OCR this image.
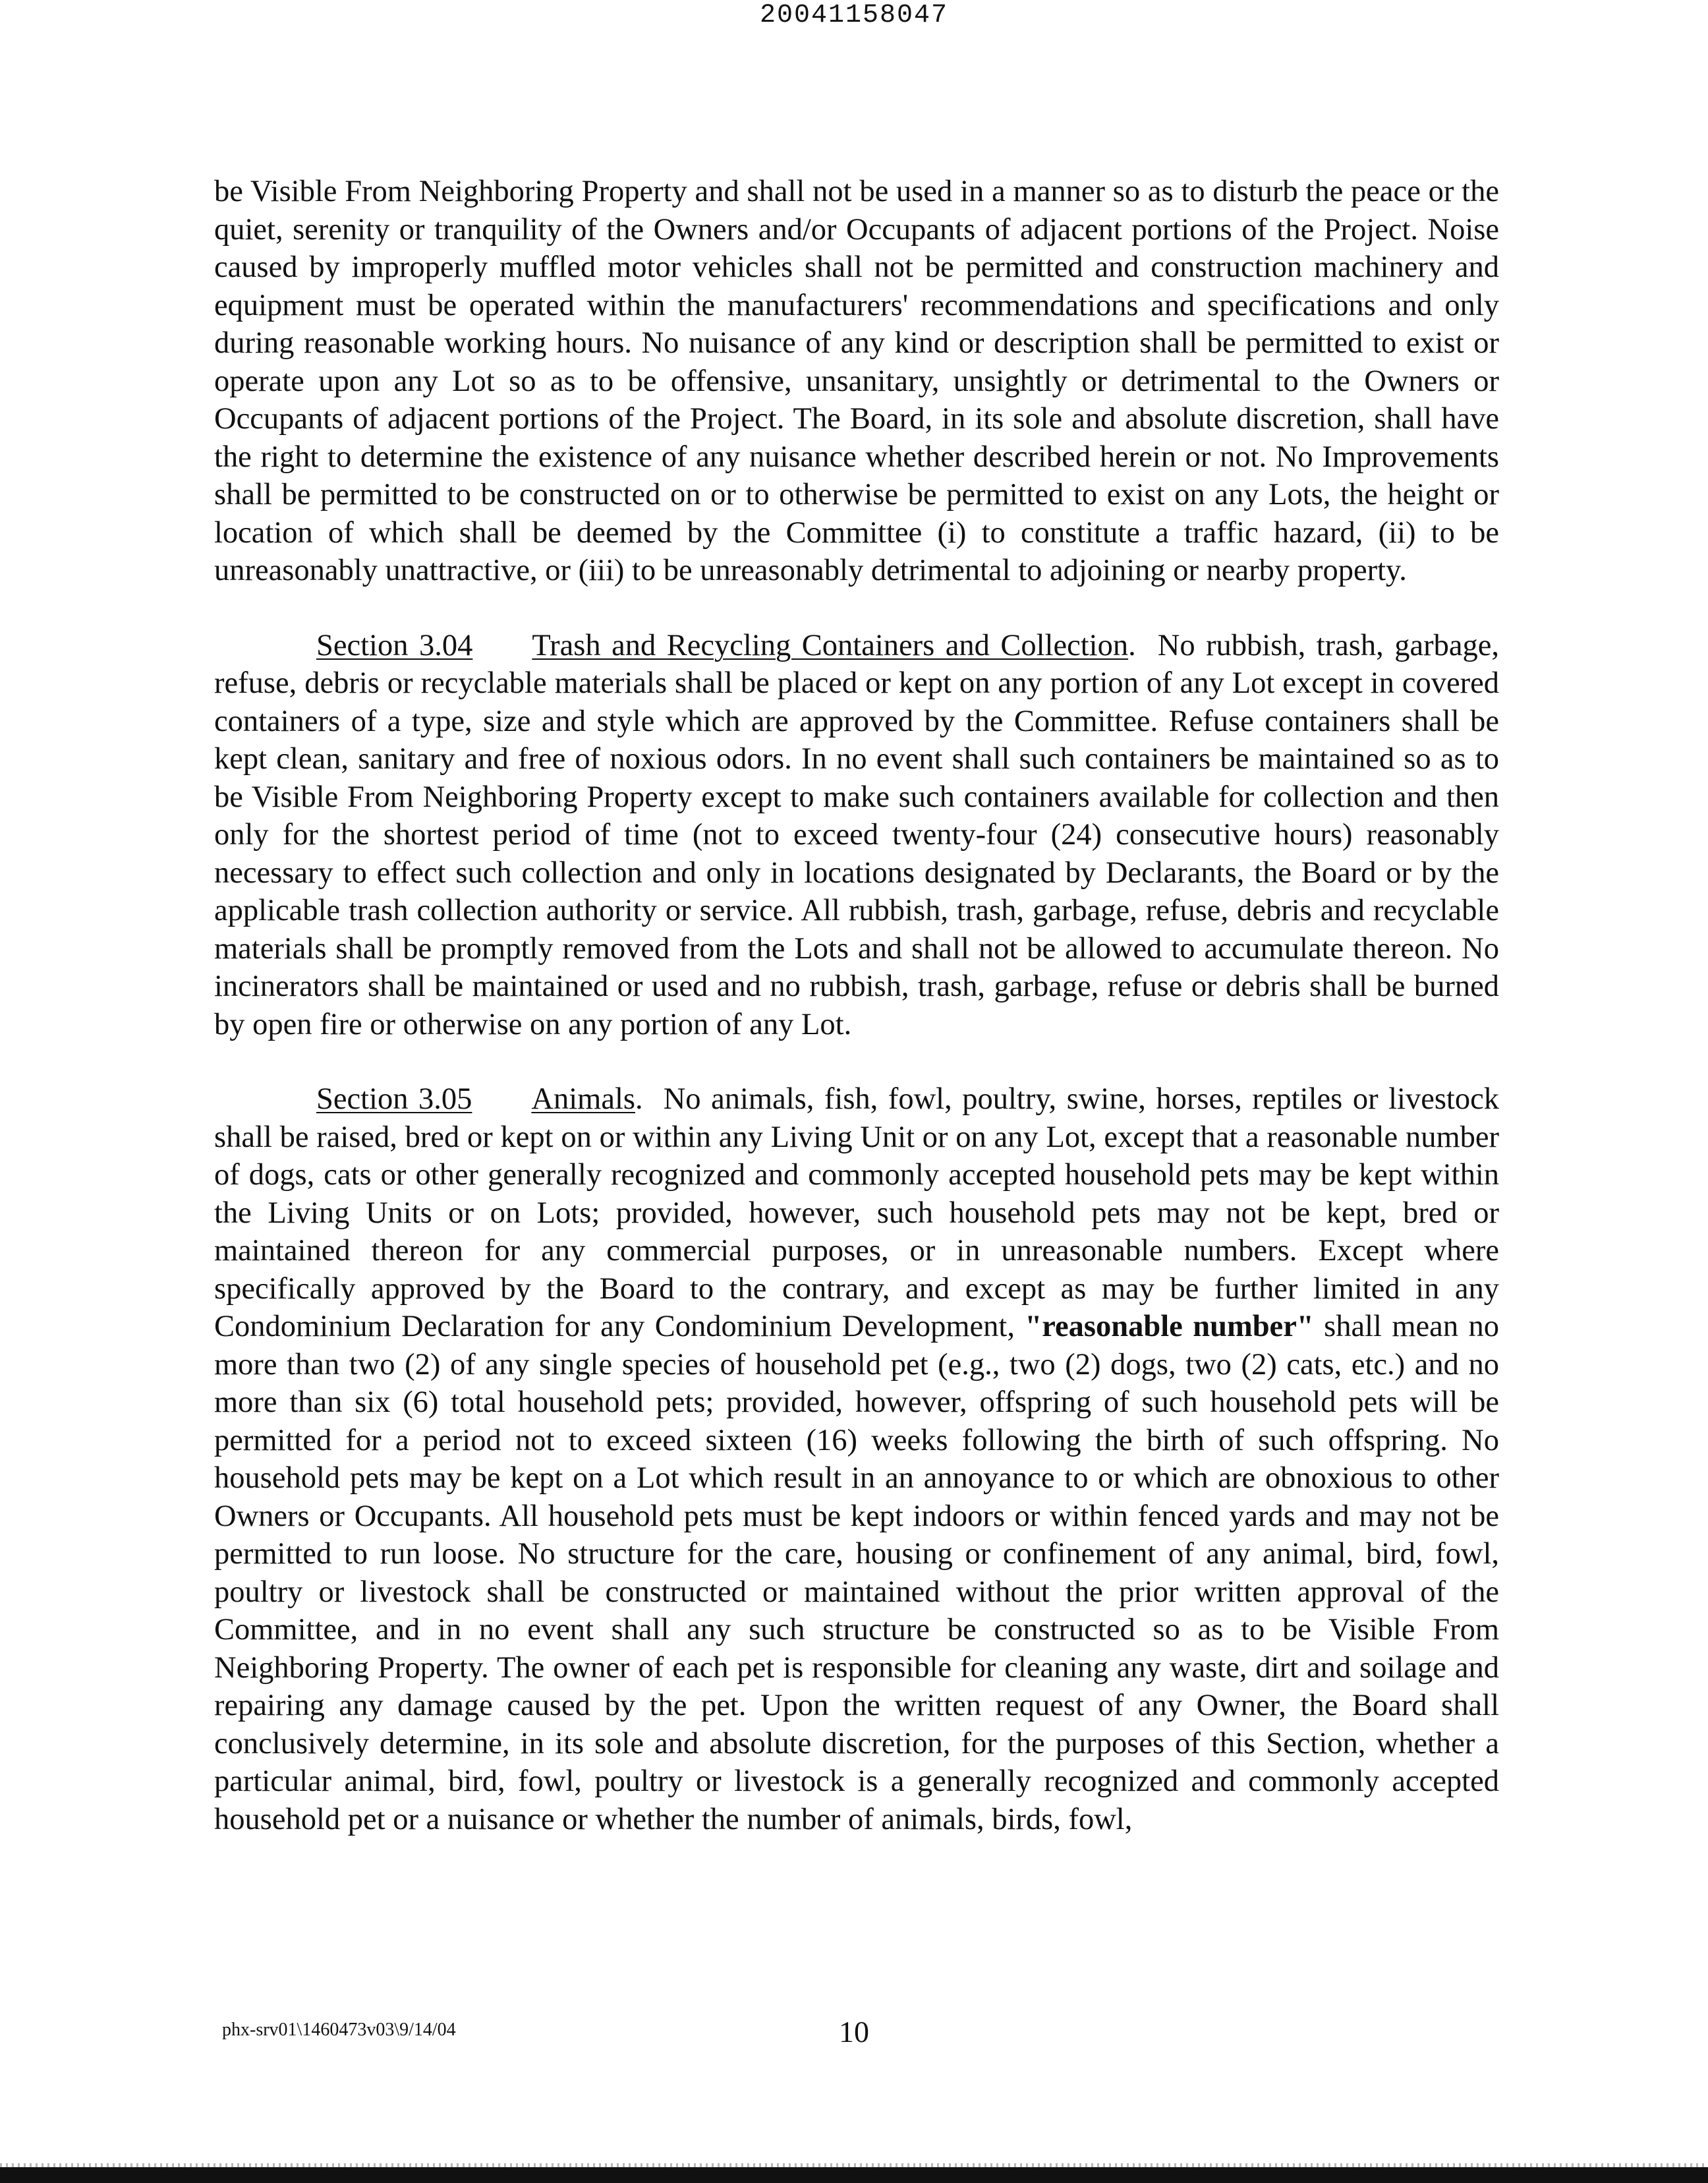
20041158047

be Visible From Neighboring Property and shall not be used in a manner so as to disturb the peace or the quiet, serenity or tranquility of the Owners and/or Occupants of adjacent portions of the Project. Noise caused by improperly muffled motor vehicles shall not be permitted and construction machinery and equipment must be operated within the manufacturers' recommendations and specifications and only during reasonable working hours. No nuisance of any kind or description shall be permitted to exist or operate upon any Lot so as to be offensive, unsanitary, unsightly or detrimental to the Owners or Occupants of adjacent portions of the Project. The Board, in its sole and absolute discretion, shall have the right to determine the existence of any nuisance whether described herein or not. No Improvements shall be permitted to be constructed on or to otherwise be permitted to exist on any Lots, the height or location of which shall be deemed by the Committee (i) to constitute a traffic hazard, (ii) to be unreasonably unattractive, or (iii) to be unreasonably detrimental to adjoining or nearby property.

Section 3.04 Trash and Recycling Containers and Collection.  No rubbish, trash, garbage, refuse, debris or recyclable materials shall be placed or kept on any portion of any Lot except in covered containers of a type, size and style which are approved by the Committee. Refuse containers shall be kept clean, sanitary and free of noxious odors. In no event shall such containers be maintained so as to be Visible From Neighboring Property except to make such containers available for collection and then only for the shortest period of time (not to exceed twenty-four (24) consecutive hours) reasonably necessary to effect such collection and only in locations designated by Declarants, the Board or by the applicable trash collection authority or service. All rubbish, trash, garbage, refuse, debris and recyclable materials shall be promptly removed from the Lots and shall not be allowed to accumulate thereon. No incinerators shall be maintained or used and no rubbish, trash, garbage, refuse or debris shall be burned by open fire or otherwise on any portion of any Lot.

Section 3.05 Animals.  No animals, fish, fowl, poultry, swine, horses, reptiles or livestock shall be raised, bred or kept on or within any Living Unit or on any Lot, except that a reasonable number of dogs, cats or other generally recognized and commonly accepted household pets may be kept within the Living Units or on Lots; provided, however, such household pets may not be kept, bred or maintained thereon for any commercial purposes, or in unreasonable numbers. Except where specifically approved by the Board to the contrary, and except as may be further limited in any Condominium Declaration for any Condominium Development, "reasonable number" shall mean no more than two (2) of any single species of household pet (e.g., two (2) dogs, two (2) cats, etc.) and no more than six (6) total household pets; provided, however, offspring of such household pets will be permitted for a period not to exceed sixteen (16) weeks following the birth of such offspring. No household pets may be kept on a Lot which result in an annoyance to or which are obnoxious to other Owners or Occupants. All household pets must be kept indoors or within fenced yards and may not be permitted to run loose. No structure for the care, housing or confinement of any animal, bird, fowl, poultry or livestock shall be constructed or maintained without the prior written approval of the Committee, and in no event shall any such structure be constructed so as to be Visible From Neighboring Property. The owner of each pet is responsible for cleaning any waste, dirt and soilage and repairing any damage caused by the pet. Upon the written request of any Owner, the Board shall conclusively determine, in its sole and absolute discretion, for the purposes of this Section, whether a particular animal, bird, fowl, poultry or livestock is a generally recognized and commonly accepted household pet or a nuisance or whether the number of animals, birds, fowl,

phx-srv01\1460473v03\9/14/04	10
